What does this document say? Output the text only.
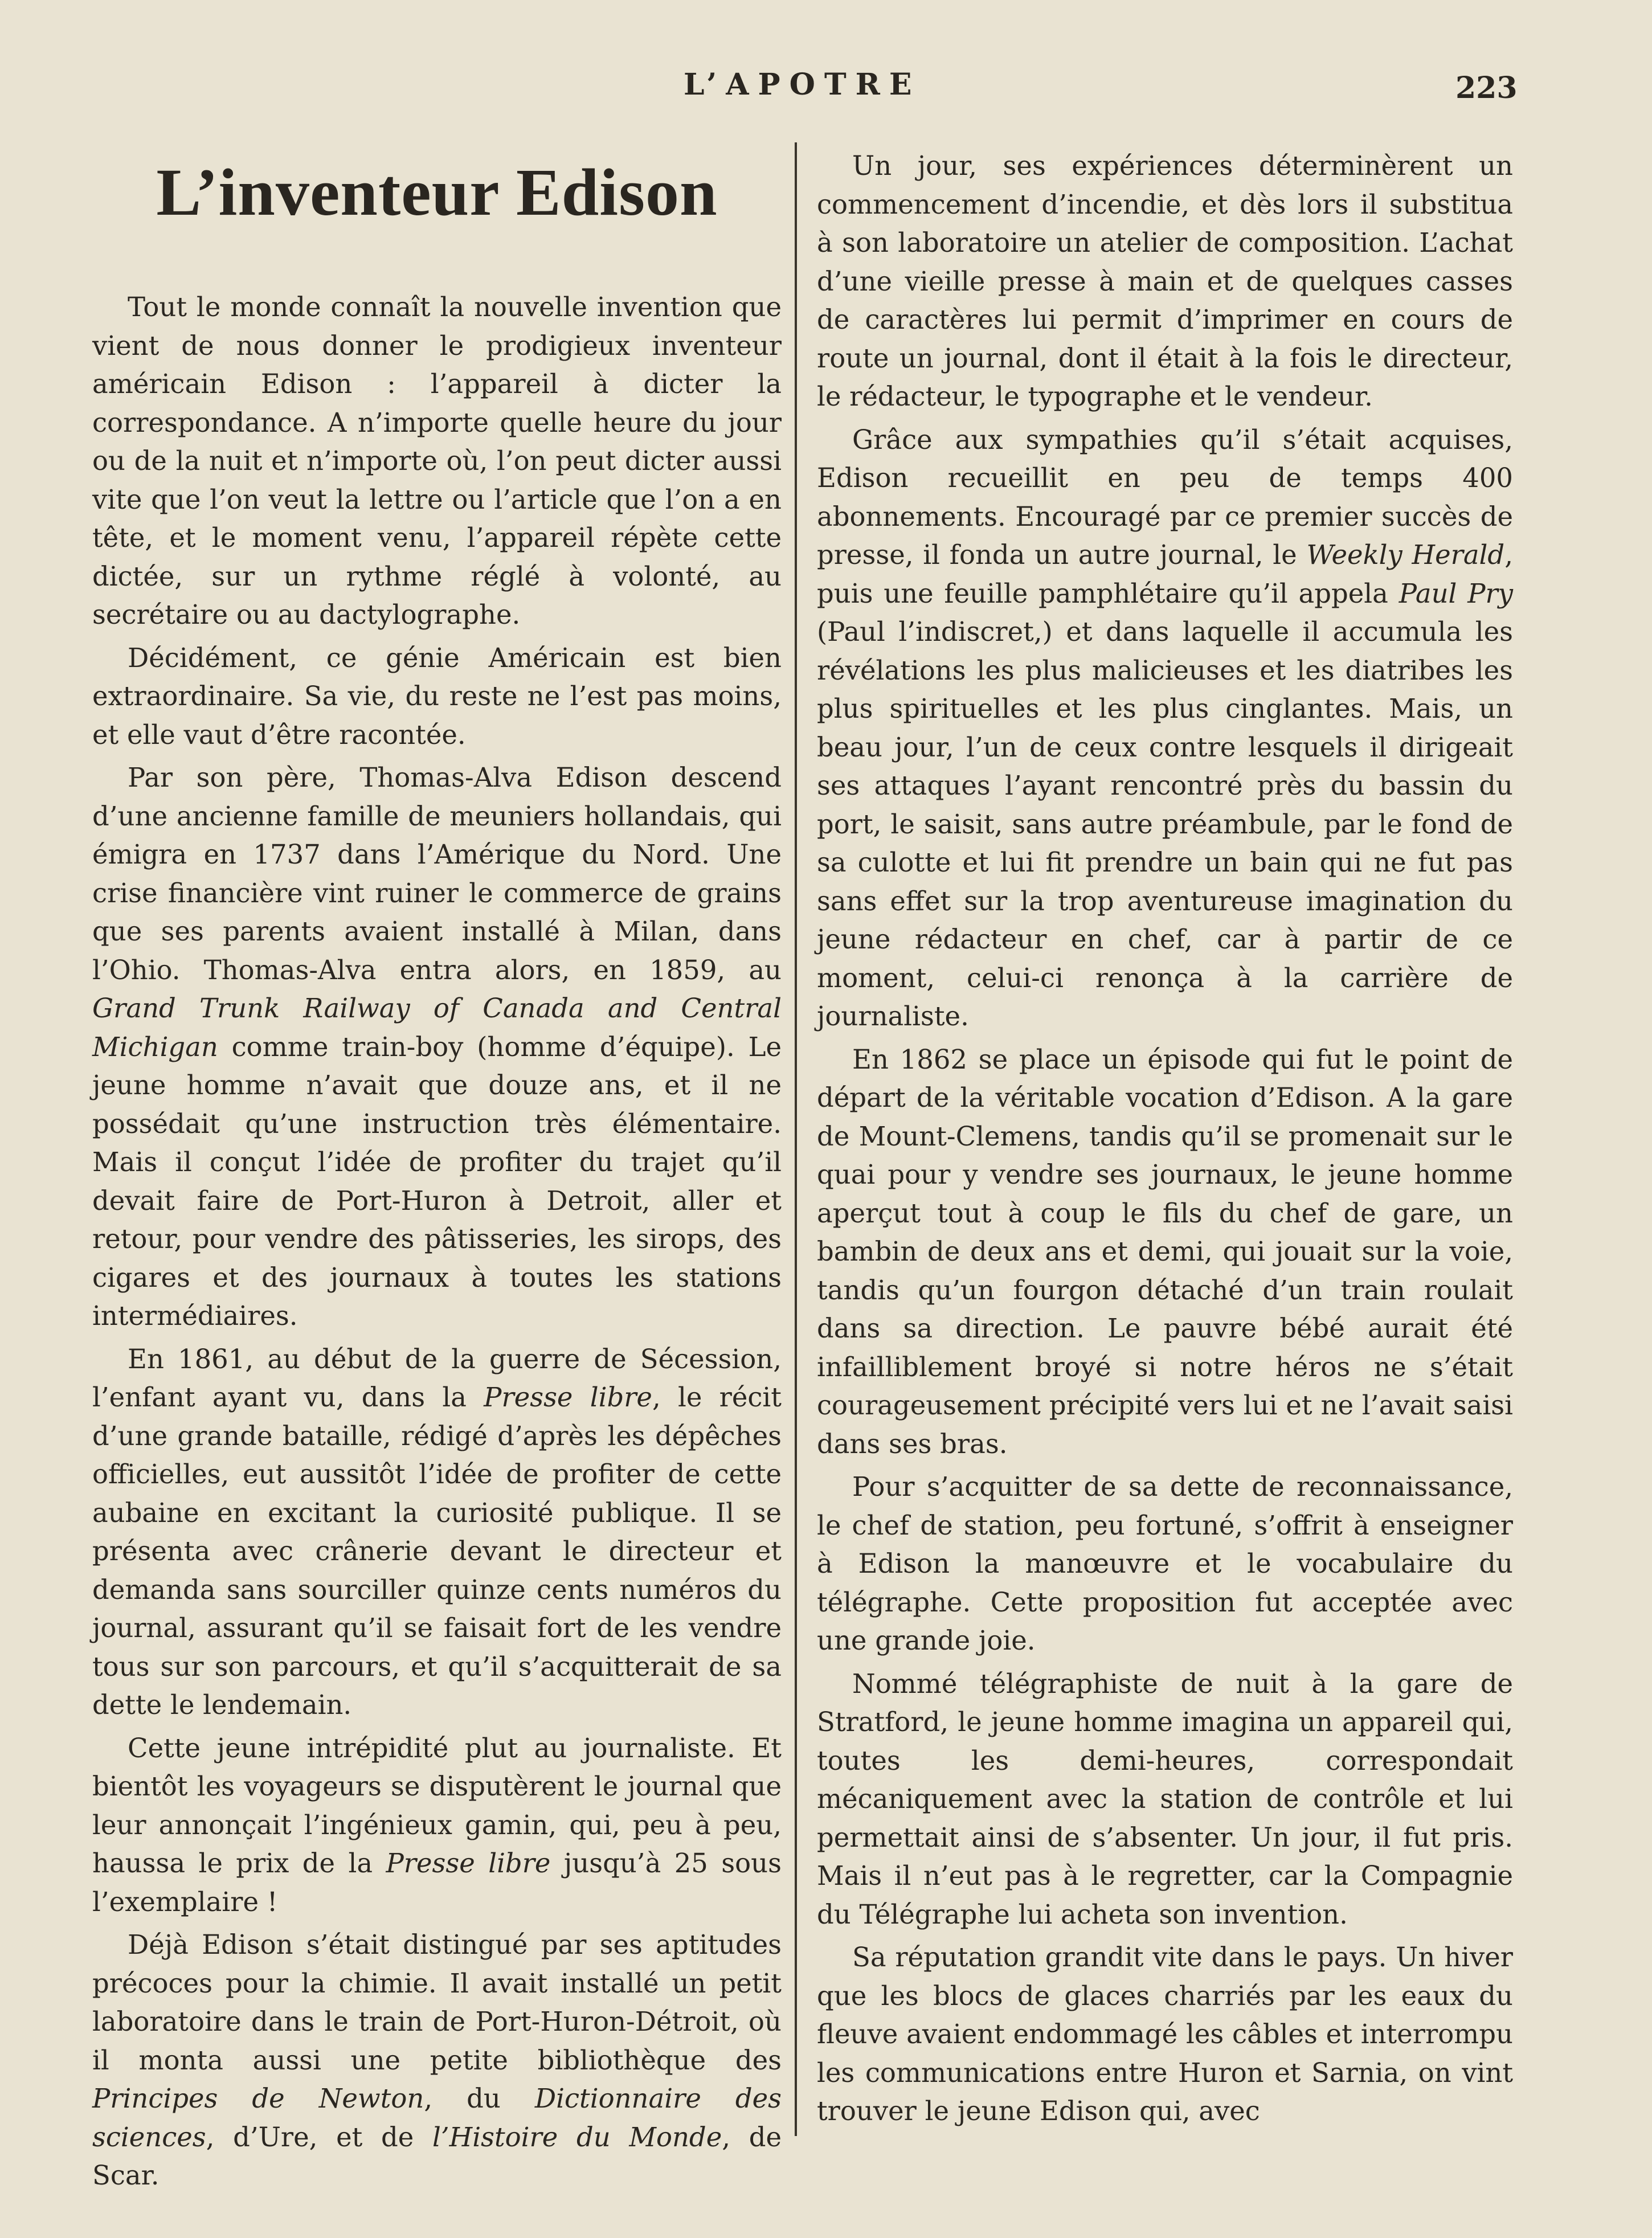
L’APOTRE	223
L’inventeur Edison

Tout le monde connaît la nouvelle invention que vient de nous donner le prodigieux inventeur américain Edison : l’appareil à dicter la correspondance. A n’importe quelle heure du jour ou de la nuit et n’importe où, l’on peut dicter aussi vite que l’on veut la lettre ou l’article que l’on a en tête, et le moment venu, l’appareil répète cette dictée, sur un rythme réglé à volonté, au secrétaire ou au dactylographe.

Décidément, ce génie Américain est bien extraordinaire. Sa vie, du reste ne l’est pas moins, et elle vaut d’être racontée.

Par son père, Thomas-Alva Edison descend d’une ancienne famille de meuniers hollandais, qui émigra en 1737 dans l’Amérique du Nord. Une crise financière vint ruiner le commerce de grains que ses parents avaient installé à Milan, dans l’Ohio. Thomas-Alva entra alors, en 1859, au Grand Trunk Railway of Canada and Central Michigan comme train-boy (homme d’équipe). Le jeune homme n’avait que douze ans, et il ne possédait qu’une instruction très élémentaire. Mais il conçut l’idée de profiter du trajet qu’il devait faire de Port-Huron à Detroit, aller et retour, pour vendre des pâtisseries, les sirops, des cigares et des journaux à toutes les stations intermédiaires.

En 1861, au début de la guerre de Sécession, l’enfant ayant vu, dans la Presse libre, le récit d’une grande bataille, rédigé d’après les dépêches officielles, eut aussitôt l’idée de profiter de cette aubaine en excitant la curiosité publique. Il se présenta avec crânerie devant le directeur et demanda sans sourciller quinze cents numéros du journal, assurant qu’il se faisait fort de les vendre tous sur son parcours, et qu’il s’acquitterait de sa dette le lendemain.

Cette jeune intrépidité plut au journaliste. Et bientôt les voyageurs se disputèrent le journal que leur annonçait l’ingénieux gamin, qui, peu à peu, haussa le prix de la Presse libre jusqu’à 25 sous l’exemplaire !

Déjà Edison s’était distingué par ses aptitudes précoces pour la chimie. Il avait installé un petit laboratoire dans le train de Port-Huron-Détroit, où il monta aussi une petite bibliothèque des Principes de Newton, du Dictionnaire des sciences, d’Ure, et de l’Histoire du Monde, de Scar.

Un jour, ses expériences déterminèrent un commencement d’incendie, et dès lors il substitua à son laboratoire un atelier de composition. L’achat d’une vieille presse à main et de quelques casses de caractères lui permit d’imprimer en cours de route un journal, dont il était à la fois le directeur, le rédacteur, le typographe et le vendeur.

Grâce aux sympathies qu’il s’était acquises, Edison recueillit en peu de temps 400 abonnements. Encouragé par ce premier succès de presse, il fonda un autre journal, le Weekly Herald, puis une feuille pamphlétaire qu’il appela Paul Pry (Paul l’indiscret,) et dans laquelle il accumula les révélations les plus malicieuses et les diatribes les plus spirituelles et les plus cinglantes. Mais, un beau jour, l’un de ceux contre lesquels il dirigeait ses attaques l’ayant rencontré près du bassin du port, le saisit, sans autre préambule, par le fond de sa culotte et lui fit prendre un bain qui ne fut pas sans effet sur la trop aventureuse imagination du jeune rédacteur en chef, car à partir de ce moment, celui-ci renonça à la carrière de journaliste.

En 1862 se place un épisode qui fut le point de départ de la véritable vocation d’Edison. A la gare de Mount-Clemens, tandis qu’il se promenait sur le quai pour y vendre ses journaux, le jeune homme aperçut tout à coup le fils du chef de gare, un bambin de deux ans et demi, qui jouait sur la voie, tandis qu’un fourgon détaché d’un train roulait dans sa direction. Le pauvre bébé aurait été infailliblement broyé si notre héros ne s’était courageusement précipité vers lui et ne l’avait saisi dans ses bras.

Pour s’acquitter de sa dette de reconnaissance, le chef de station, peu fortuné, s’offrit à enseigner à Edison la manœuvre et le vocabulaire du télégraphe. Cette proposition fut acceptée avec une grande joie.

Nommé télégraphiste de nuit à la gare de Stratford, le jeune homme imagina un appareil qui, toutes les demi-heures, correspondait mécaniquement avec la station de contrôle et lui permettait ainsi de s’absenter. Un jour, il fut pris. Mais il n’eut pas à le regretter, car la Compagnie du Télégraphe lui acheta son invention.

Sa réputation grandit vite dans le pays. Un hiver que les blocs de glaces charriés par les eaux du fleuve avaient endommagé les câbles et interrompu les communications entre Huron et Sarnia, on vint trouver le jeune Edison qui, avec
